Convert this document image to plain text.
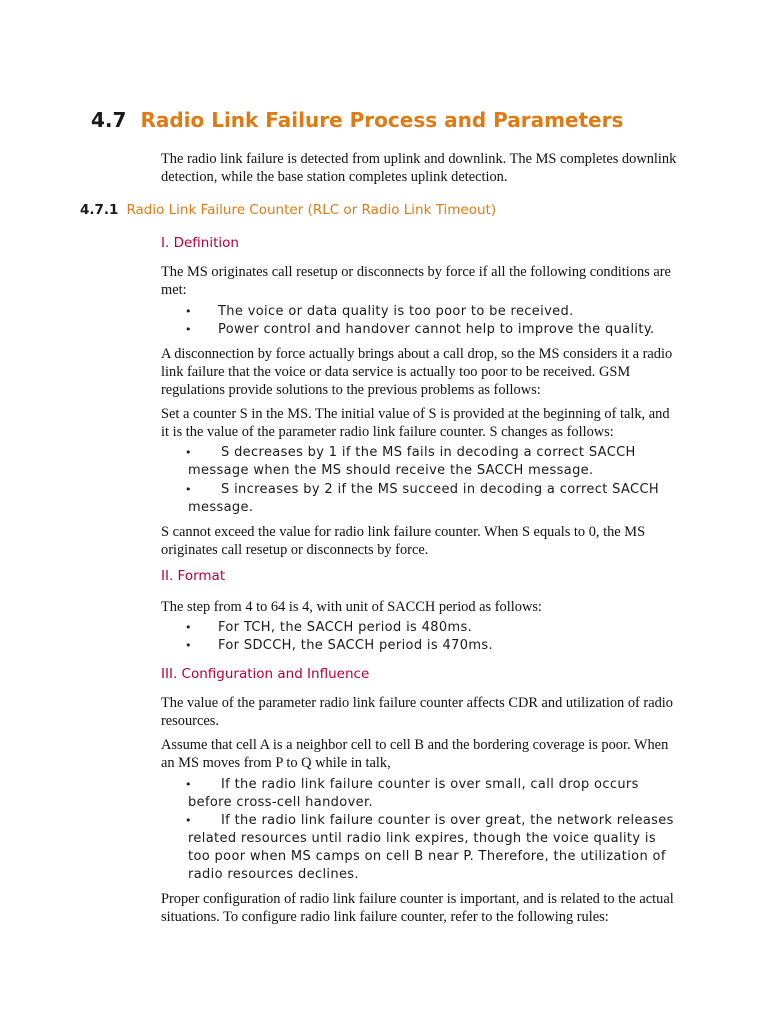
4.7 Radio Link Failure Process and Parameters
The radio link failure is detected from uplink and downlink. The MS completes downlink detection, while the base station completes uplink detection.
4.7.1 Radio Link Failure Counter (RLC or Radio Link Timeout)
I. Definition
The MS originates call resetup or disconnects by force if all the following conditions are met:
•	The voice or data quality is too poor to be received.
•	Power control and handover cannot help to improve the quality.
A disconnection by force actually brings about a call drop, so the MS considers it a radio link failure that the voice or data service is actually too poor to be received. GSM regulations provide solutions to the previous problems as follows:
Set a counter S in the MS. The initial value of S is provided at the beginning of talk, and it is the value of the parameter radio link failure counter. S changes as follows:
•	S decreases by 1 if the MS fails in decoding a correct SACCH message when the MS should receive the SACCH message.
•	S increases by 2 if the MS succeed in decoding a correct SACCH message.
S cannot exceed the value for radio link failure counter. When S equals to 0, the MS originates call resetup or disconnects by force.
II. Format
The step from 4 to 64 is 4, with unit of SACCH period as follows:
•	For TCH, the SACCH period is 480ms.
•	For SDCCH, the SACCH period is 470ms.
III. Configuration and Influence
The value of the parameter radio link failure counter affects CDR and utilization of radio resources.
Assume that cell A is a neighbor cell to cell B and the bordering coverage is poor. When an MS moves from P to Q while in talk,
•	If the radio link failure counter is over small, call drop occurs before cross-cell handover.
•	If the radio link failure counter is over great, the network releases related resources until radio link expires, though the voice quality is too poor when MS camps on cell B near P. Therefore, the utilization of radio resources declines.
Proper configuration of radio link failure counter is important, and is related to the actual situations. To configure radio link failure counter, refer to the following rules:
